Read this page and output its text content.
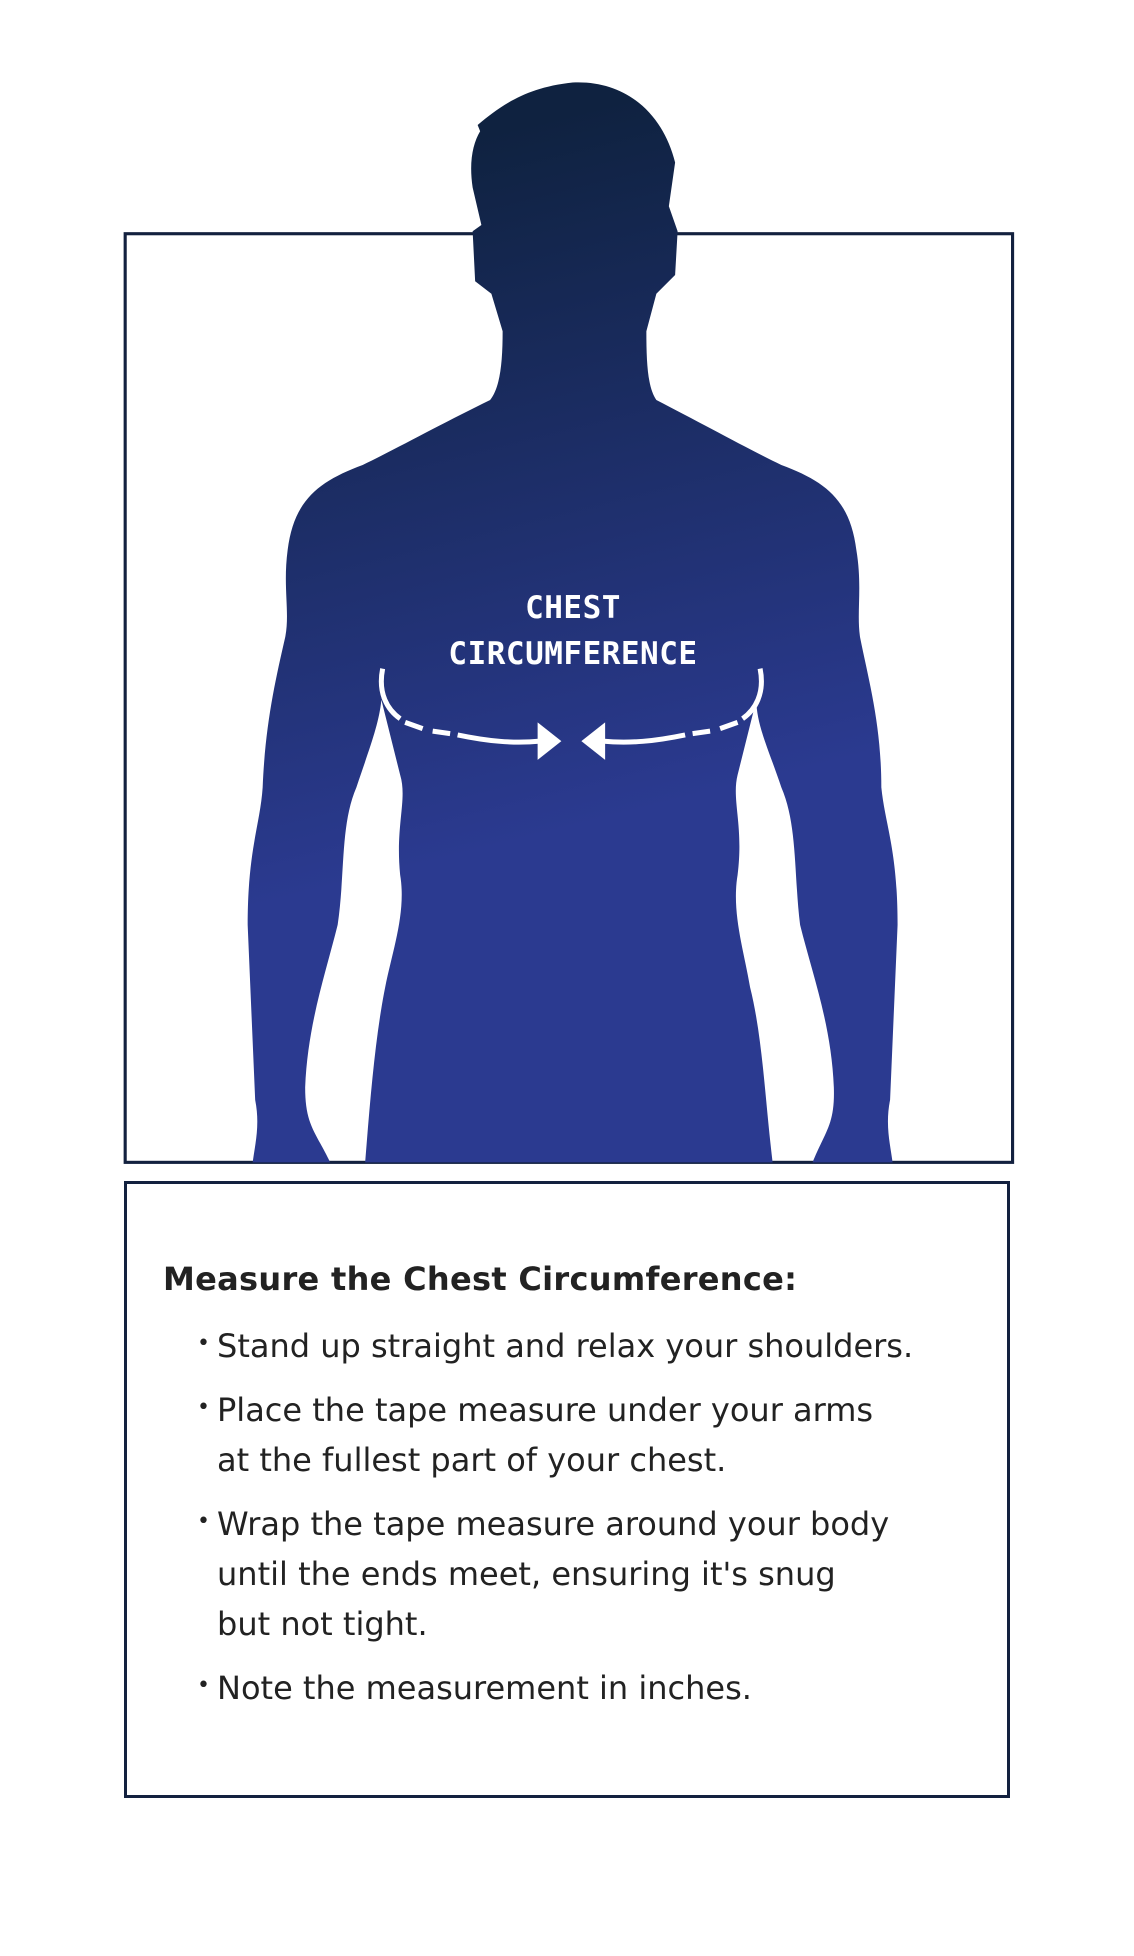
CHEST
CIRCUMFERENCE
Measure the Chest Circumference:
• Stand up straight and relax your shoulders.
• Place the tape measure under your arms
at the fullest part of your chest.
• Wrap the tape measure around your body
until the ends meet, ensuring it's snug
but not tight.
• Note the measurement in inches.
